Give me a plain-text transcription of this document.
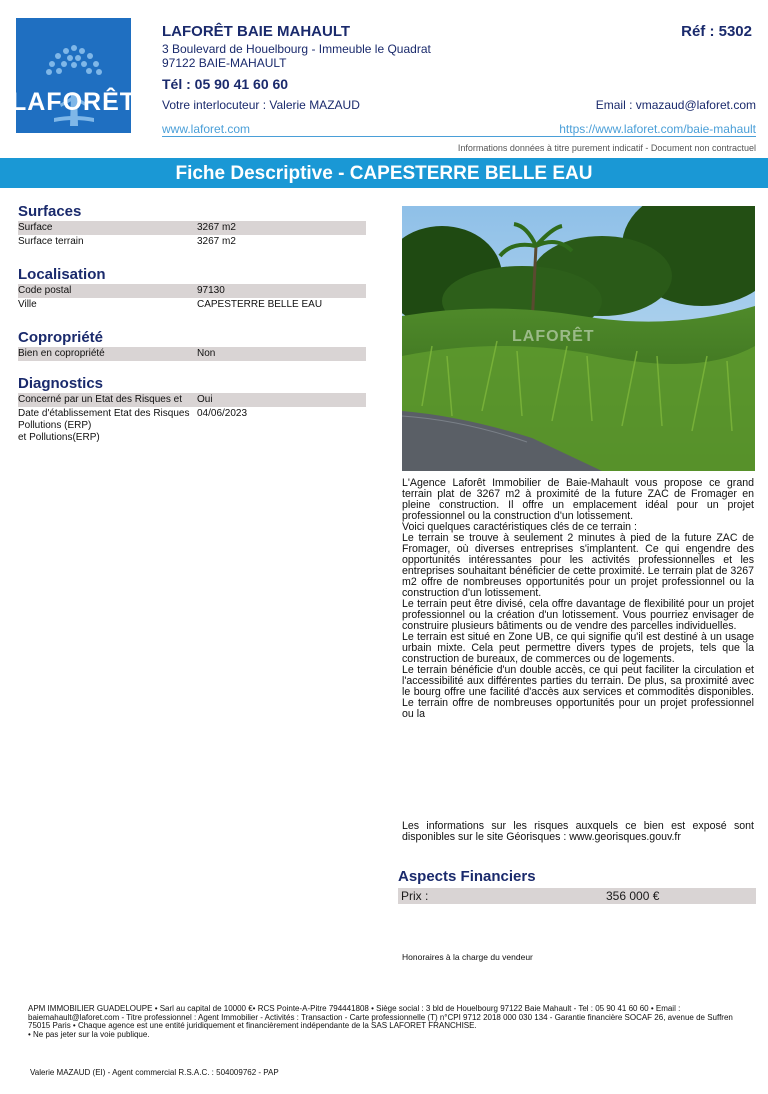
LAFORÊT
LAFORÊT BAIE MAHAULT	Réf : 5302
3 Boulevard de Houelbourg - Immeuble le Quadrat
97122 BAIE-MAHAULT
Tél : 05 90 41 60 60
Votre interlocuteur : Valerie MAZAUD	Email : vmazaud@laforet.com
www.laforet.com	https://www.laforet.com/baie-mahault
Informations données à titre purement indicatif - Document non contractuel
Fiche Descriptive - CAPESTERRE BELLE EAU
Surfaces
Surface	3267 m2
Surface terrain	3267 m2
Localisation
Code postal	97130
Ville	CAPESTERRE BELLE EAU
Copropriété
Bien en copropriété	Non
Diagnostics
Concerné par un Etat des Risques et	Oui
Date d'établissement Etat des Risques 04/06/2023
Pollutions (ERP)
et Pollutions(ERP)
LAFORÊT

L'Agence Laforêt Immobilier de Baie-Mahault vous propose ce grand terrain plat de 3267 m2 à proximité de la future ZAC de Fromager en pleine construction. Il offre un emplacement idéal pour un projet professionnel ou la construction d'un lotissement.

Voici quelques caractéristiques clés de ce terrain :

Le terrain se trouve à seulement 2 minutes à pied de la future ZAC de Fromager, où diverses entreprises s'implantent. Ce qui engendre des opportunités intéressantes pour les activités professionnelles et les entreprises souhaitant bénéficier de cette proximité. Le terrain plat de 3267 m2 offre de nombreuses opportunités pour un projet professionnel ou la construction d'un lotissement.

Le terrain peut être divisé, cela offre davantage de flexibilité pour un projet professionnel ou la création d'un lotissement. Vous pourriez envisager de construire plusieurs bâtiments ou de vendre des parcelles individuelles.

Le terrain est situé en Zone UB, ce qui signifie qu'il est destiné à un usage urbain mixte. Cela peut permettre divers types de projets, tels que la construction de bureaux, de commerces ou de logements.

Le terrain bénéficie d'un double accès, ce qui peut faciliter la circulation et l'accessibilité aux différentes parties du terrain. De plus, sa proximité avec le bourg offre une facilité d'accès aux services et commodités disponibles. Le terrain offre de nombreuses opportunités pour un projet professionnel ou la

Les informations sur les risques auxquels ce bien est exposé sont disponibles sur le site Géorisques : www.georisques.gouv.fr
Aspects Financiers
Prix :	356 000 €
Honoraires à la charge du vendeur
APM IMMOBILIER GUADELOUPE • Sarl au capital de 10000 €• RCS Pointe-A-Pitre 794441808 • Siège social : 3 bld de Houelbourg 97122 Baie Mahault - Tel : 05 90 41 60 60 • Email : baiemahault@laforet.com - Titre professionnel : Agent Immobilier - Activités : Transaction - Carte professionnelle (T) n°CPI 9712 2018 000 030 134 - Garantie financière SOCAF 26, avenue de Suffren 75015 Paris • Chaque agence est une entité juridiquement et financièrement indépendante de la SAS LAFORET FRANCHISE.
• Ne pas jeter sur la voie publique.
Valerie MAZAUD (EI) - Agent commercial R.S.A.C. : 504009762 - PAP
